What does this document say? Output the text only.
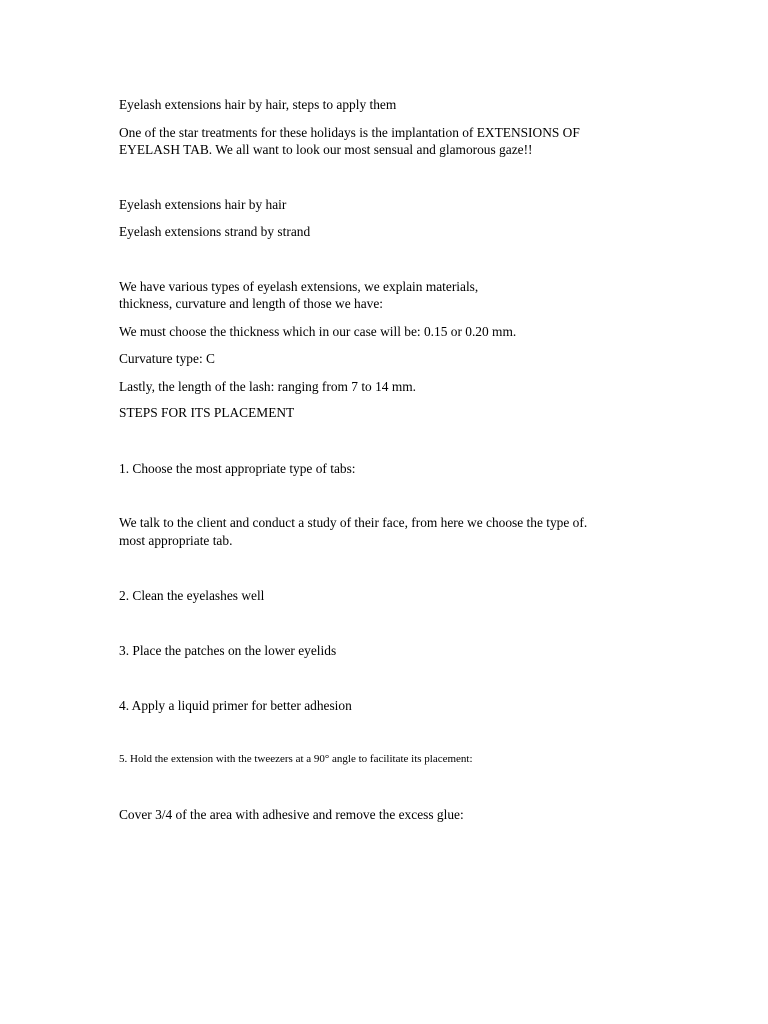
Eyelash extensions hair by hair, steps to apply them
One of the star treatments for these holidays is the implantation of EXTENSIONS OF
EYELASH TAB. We all want to look our most sensual and glamorous gaze!!
Eyelash extensions hair by hair
Eyelash extensions strand by strand
We have various types of eyelash extensions, we explain materials,
thickness, curvature and length of those we have:
We must choose the thickness which in our case will be: 0.15 or 0.20 mm.
Curvature type: C
Lastly, the length of the lash: ranging from 7 to 14 mm.
STEPS FOR ITS PLACEMENT
1. Choose the most appropriate type of tabs:
We talk to the client and conduct a study of their face, from here we choose the type of.
most appropriate tab.
2. Clean the eyelashes well
3. Place the patches on the lower eyelids
4. Apply a liquid primer for better adhesion
5. Hold the extension with the tweezers at a 90° angle to facilitate its placement:
Cover 3/4 of the area with adhesive and remove the excess glue:
